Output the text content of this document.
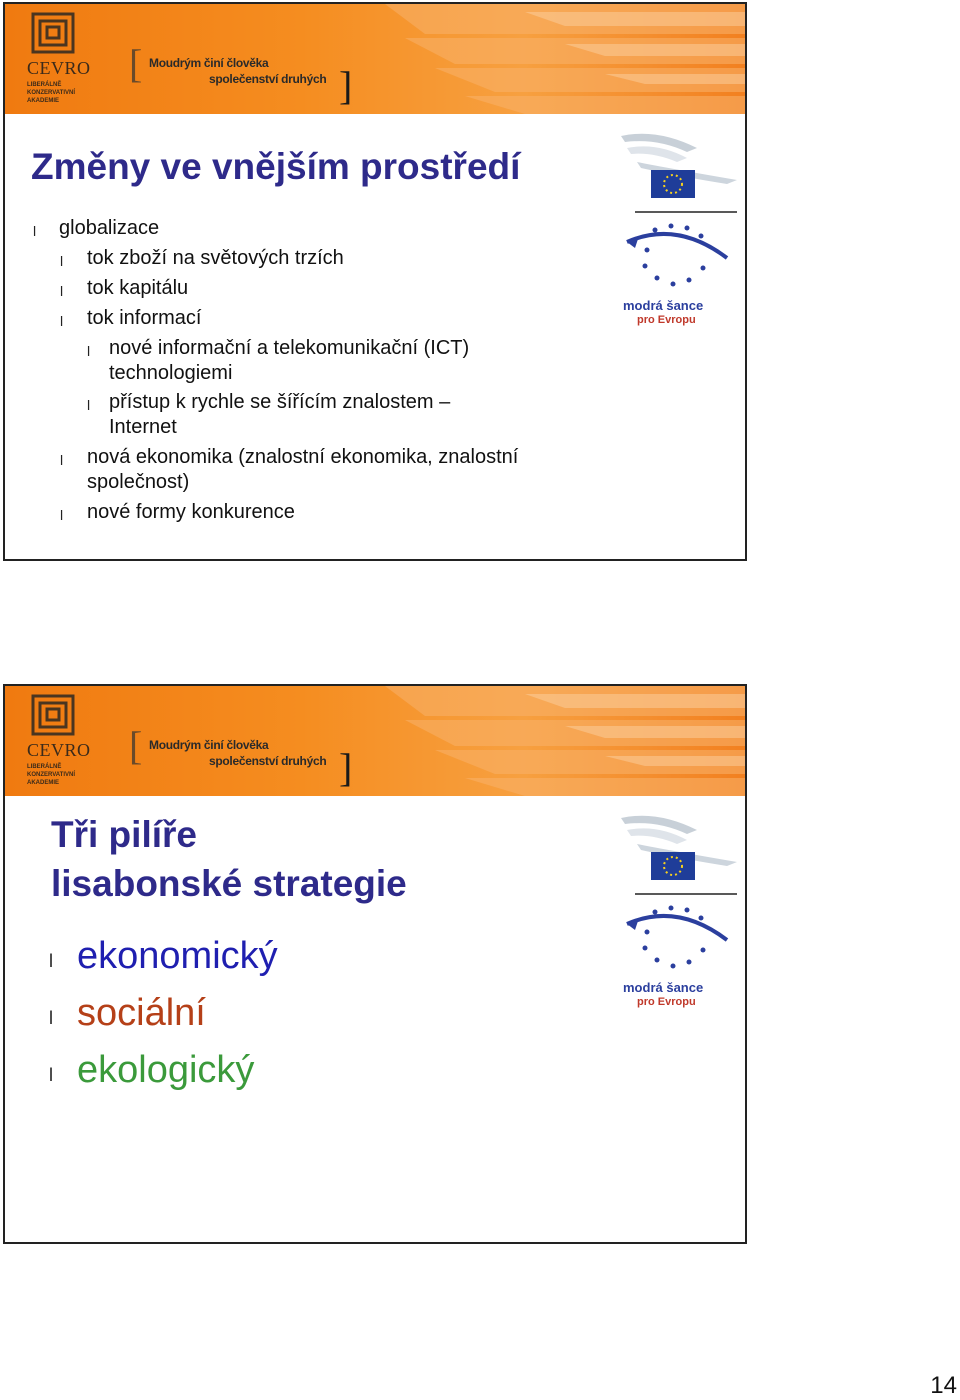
CEVRO
LIBERÁLNĚ
KONZERVATIVNÍ
AKADEMIE
[ Moudrým činí člověka
společenství druhých ]
modrá šance
pro Evropu
Změny ve vnějším prostředí
l globalizace
l tok zboží na světových trzích
l tok kapitálu
l tok informací
l nové informační a telekomunikační (ICT)
technologiemi
l přístup k rychle se šířícím znalostem –
Internet
l nová ekonomika (znalostní ekonomika, znalostní
společnost)
l nové formy konkurence
CEVRO
LIBERÁLNĚ
KONZERVATIVNÍ
AKADEMIE
[ Moudrým činí člověka
společenství druhých ]
modrá šance
pro Evropu
Tři pilíře
lisabonské strategie
l ekonomický
l sociální
l ekologický
14
